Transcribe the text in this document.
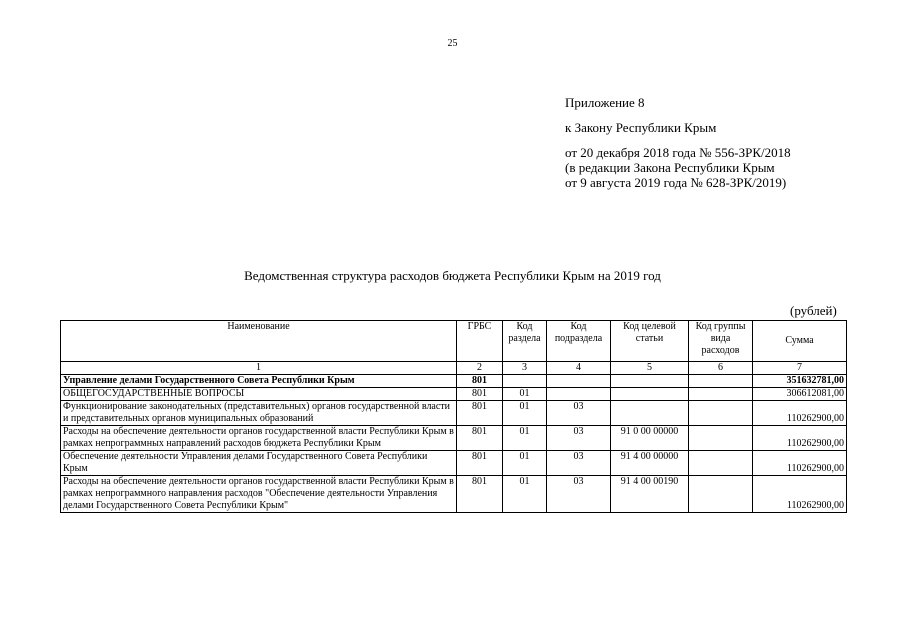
25
Приложение 8
к Закону Республики Крым
от 20 декабря 2018 года № 556-ЗРК/2018
(в редакции Закона Республики Крым
от 9 августа 2019 года № 628-ЗРК/2019)
Ведомственная структура расходов бюджета Республики Крым на 2019 год
(рублей)
Наименование	ГРБС	Код раздела	Код подраздела	Код целевой статьи	Код группы вида расходов	Сумма
1	2	3	4	5	6	7
Управление делами Государственного Совета Республики Крым	801					351632781,00
ОБЩЕГОСУДАРСТВЕННЫЕ ВОПРОСЫ	801	01				306612081,00
Функционирование законодательных (представительных) органов государственной власти и представительных органов муниципальных образований	801	01	03			110262900,00
Расходы на обеспечение деятельности органов государственной власти Республики Крым в рамках непрограммных направлений расходов бюджета Республики Крым	801	01	03	91 0 00 00000		110262900,00
Обеспечение деятельности Управления делами Государственного Совета Республики Крым	801	01	03	91 4 00 00000		110262900,00
Расходы на обеспечение деятельности органов государственной власти Республики Крым в рамках непрограммного направления расходов "Обеспечение деятельности Управления делами Государственного Совета Республики Крым"	801	01	03	91 4 00 00190		110262900,00
